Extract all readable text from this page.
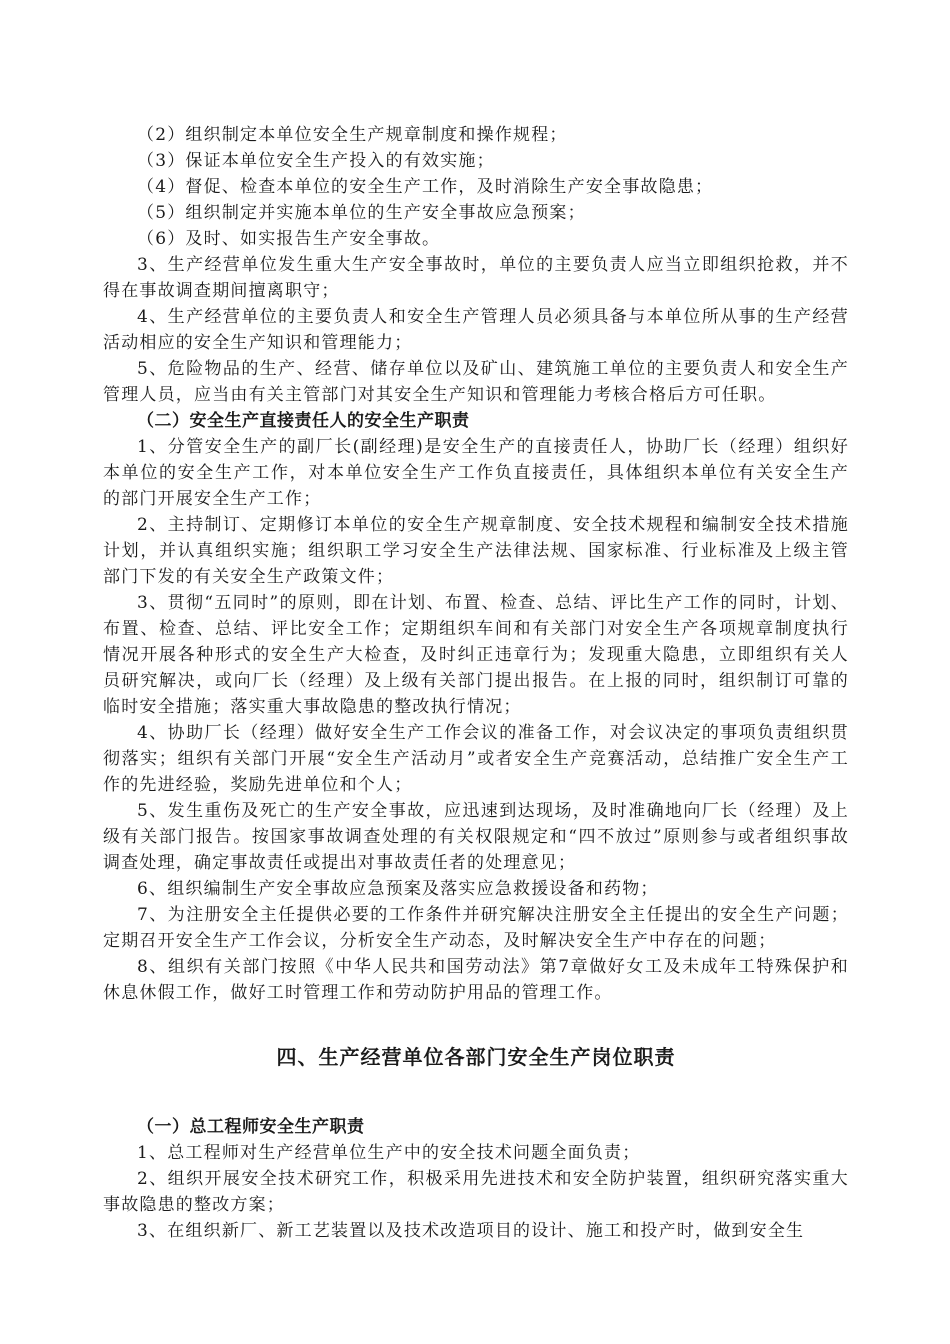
（2）组织制定本单位安全生产规章制度和操作规程；

（3）保证本单位安全生产投入的有效实施；

（4）督促、检查本单位的安全生产工作，及时消除生产安全事故隐患；

（5）组织制定并实施本单位的生产安全事故应急预案；

（6）及时、如实报告生产安全事故。

3、生产经营单位发生重大生产安全事故时，单位的主要负责人应当立即组织抢救，并不得在事故调查期间擅离职守；

4、生产经营单位的主要负责人和安全生产管理人员必须具备与本单位所从事的生产经营活动相应的安全生产知识和管理能力；

5、危险物品的生产、经营、储存单位以及矿山、建筑施工单位的主要负责人和安全生产管理人员，应当由有关主管部门对其安全生产知识和管理能力考核合格后方可任职。

（二）安全生产直接责任人的安全生产职责

1、分管安全生产的副厂长(副经理)是安全生产的直接责任人，协助厂长（经理）组织好本单位的安全生产工作，对本单位安全生产工作负直接责任，具体组织本单位有关安全生产的部门开展安全生产工作；

2、主持制订、定期修订本单位的安全生产规章制度、安全技术规程和编制安全技术措施计划，并认真组织实施；组织职工学习安全生产法律法规、国家标准、行业标准及上级主管部门下发的有关安全生产政策文件；

3、贯彻“五同时”的原则，即在计划、布置、检查、总结、评比生产工作的同时，计划、布置、检查、总结、评比安全工作；定期组织车间和有关部门对安全生产各项规章制度执行情况开展各种形式的安全生产大检查，及时纠正违章行为；发现重大隐患，立即组织有关人员研究解决，或向厂长（经理）及上级有关部门提出报告。在上报的同时，组织制订可靠的临时安全措施；落实重大事故隐患的整改执行情况；

4、协助厂长（经理）做好安全生产工作会议的准备工作，对会议决定的事项负责组织贯彻落实；组织有关部门开展“安全生产活动月”或者安全生产竞赛活动，总结推广安全生产工作的先进经验，奖励先进单位和个人；

5、发生重伤及死亡的生产安全事故，应迅速到达现场，及时准确地向厂长（经理）及上级有关部门报告。按国家事故调查处理的有关权限规定和“四不放过”原则参与或者组织事故调查处理，确定事故责任或提出对事故责任者的处理意见；

6、组织编制生产安全事故应急预案及落实应急救援设备和药物；

7、为注册安全主任提供必要的工作条件并研究解决注册安全主任提出的安全生产问题；定期召开安全生产工作会议，分析安全生产动态，及时解决安全生产中存在的问题；

8、组织有关部门按照《中华人民共和国劳动法》第7章做好女工及未成年工特殊保护和休息休假工作，做好工时管理工作和劳动防护用品的管理工作。

四、生产经营单位各部门安全生产岗位职责

（一）总工程师安全生产职责

1、总工程师对生产经营单位生产中的安全技术问题全面负责；

2、组织开展安全技术研究工作，积极采用先进技术和安全防护装置，组织研究落实重大事故隐患的整改方案；

3、在组织新厂、新工艺装置以及技术改造项目的设计、施工和投产时，做到安全生
